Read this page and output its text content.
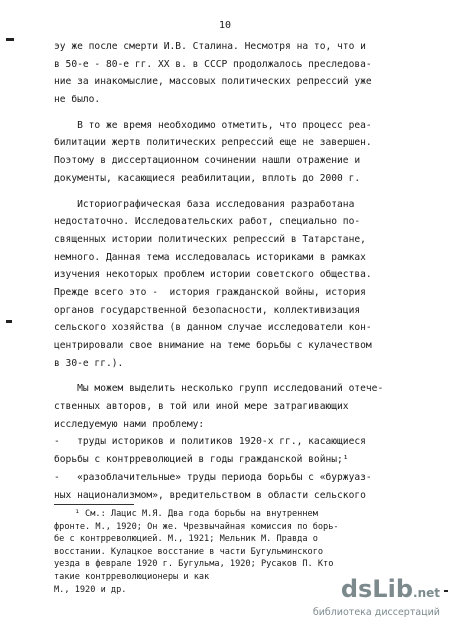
10
эу же после смерти И.В. Сталина. Несмотря на то, что и
в 50-е - 80-е гг. XX в. в СССР продолжалось преследова-
ние за инакомыслие, массовых политических репрессий уже
не было.
В то же время необходимо отметить, что процесс реа-
билитации жертв политических репрессий еще не завершен.
Поэтому в диссертационном сочинении нашли отражение и
документы, касающиеся реабилитации, вплоть до 2000 г.
Историографическая база исследования разработана
недостаточно. Исследовательских работ, специально по-
священных истории политических репрессий в Татарстане,
немного. Данная тема исследовалась историками в рамках
изучения некоторых проблем истории советского общества.
Прежде всего это -  история гражданской войны, история
органов государственной безопасности, коллективизация
сельского хозяйства (в данном случае исследователи кон-
центрировали свое внимание на теме борьбы с кулачеством
в 30-е гг.).
Мы можем выделить несколько групп исследований отече-
ственных авторов, в той или иной мере затрагивающих
исследуемую нами проблему:
-   труды историков и политиков 1920-х гг., касающиеся
борьбы с контрреволюцией в годы гражданской войны;¹
-   «разоблачительные» труды периода борьбы с «буржуаз-
ных национализмом», вредительством в области сельского
¹ См.: Лацис М.Я. Два года борьбы на внутреннем
фронте. М., 1920; Он же. Чрезвычайная комиссия по борь-
бе с контрреволюцией. М., 1921; Мельник М. Правда о
восстании. Кулацкое восстание в части Бугульминского
уезда в феврале 1920 г. Бугульма, 1920; Русаков П. Кто
такие контрреволюционеры и как
М., 1920 и др.	dsLib.net
библиотека диссертаций
